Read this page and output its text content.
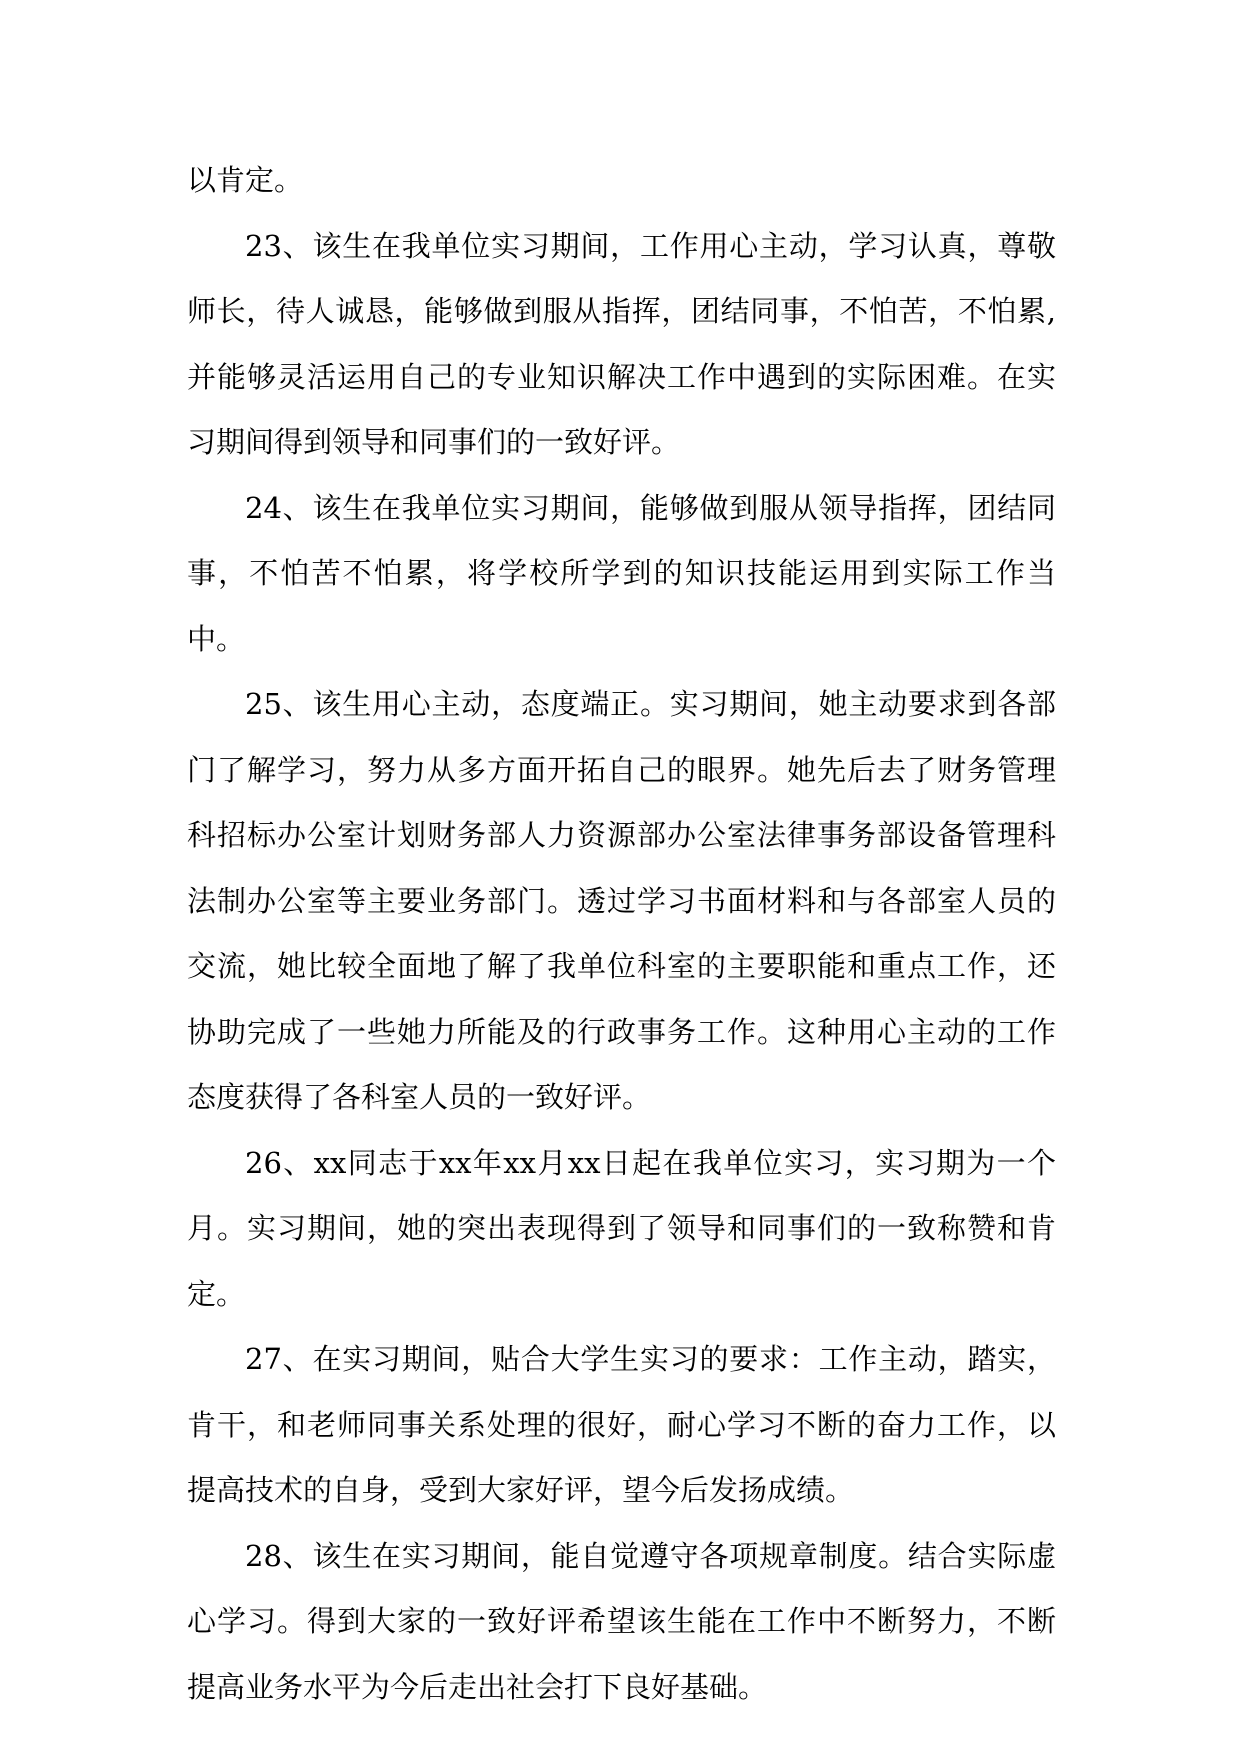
以肯定。

23、该生在我单位实习期间，工作用心主动，学习认真，尊敬师长，待人诚恳，能够做到服从指挥，团结同事，不怕苦，不怕累,并能够灵活运用自己的专业知识解决工作中遇到的实际困难。在实习期间得到领导和同事们的一致好评。

24、该生在我单位实习期间，能够做到服从领导指挥，团结同事，不怕苦不怕累，将学校所学到的知识技能运用到实际工作当中。

25、该生用心主动，态度端正。实习期间，她主动要求到各部门了解学习，努力从多方面开拓自己的眼界。她先后去了财务管理科招标办公室计划财务部人力资源部办公室法律事务部设备管理科法制办公室等主要业务部门。透过学习书面材料和与各部室人员的交流，她比较全面地了解了我单位科室的主要职能和重点工作，还协助完成了一些她力所能及的行政事务工作。这种用心主动的工作态度获得了各科室人员的一致好评。

26、xx同志于xx年xx月xx日起在我单位实习，实习期为一个月。实习期间，她的突出表现得到了领导和同事们的一致称赞和肯定。

27、在实习期间，贴合大学生实习的要求：工作主动，踏实，肯干，和老师同事关系处理的很好，耐心学习不断的奋力工作，以提高技术的自身，受到大家好评，望今后发扬成绩。

28、该生在实习期间，能自觉遵守各项规章制度。结合实际虚心学习。得到大家的一致好评希望该生能在工作中不断努力，不断提高业务水平为今后走出社会打下良好基础。
